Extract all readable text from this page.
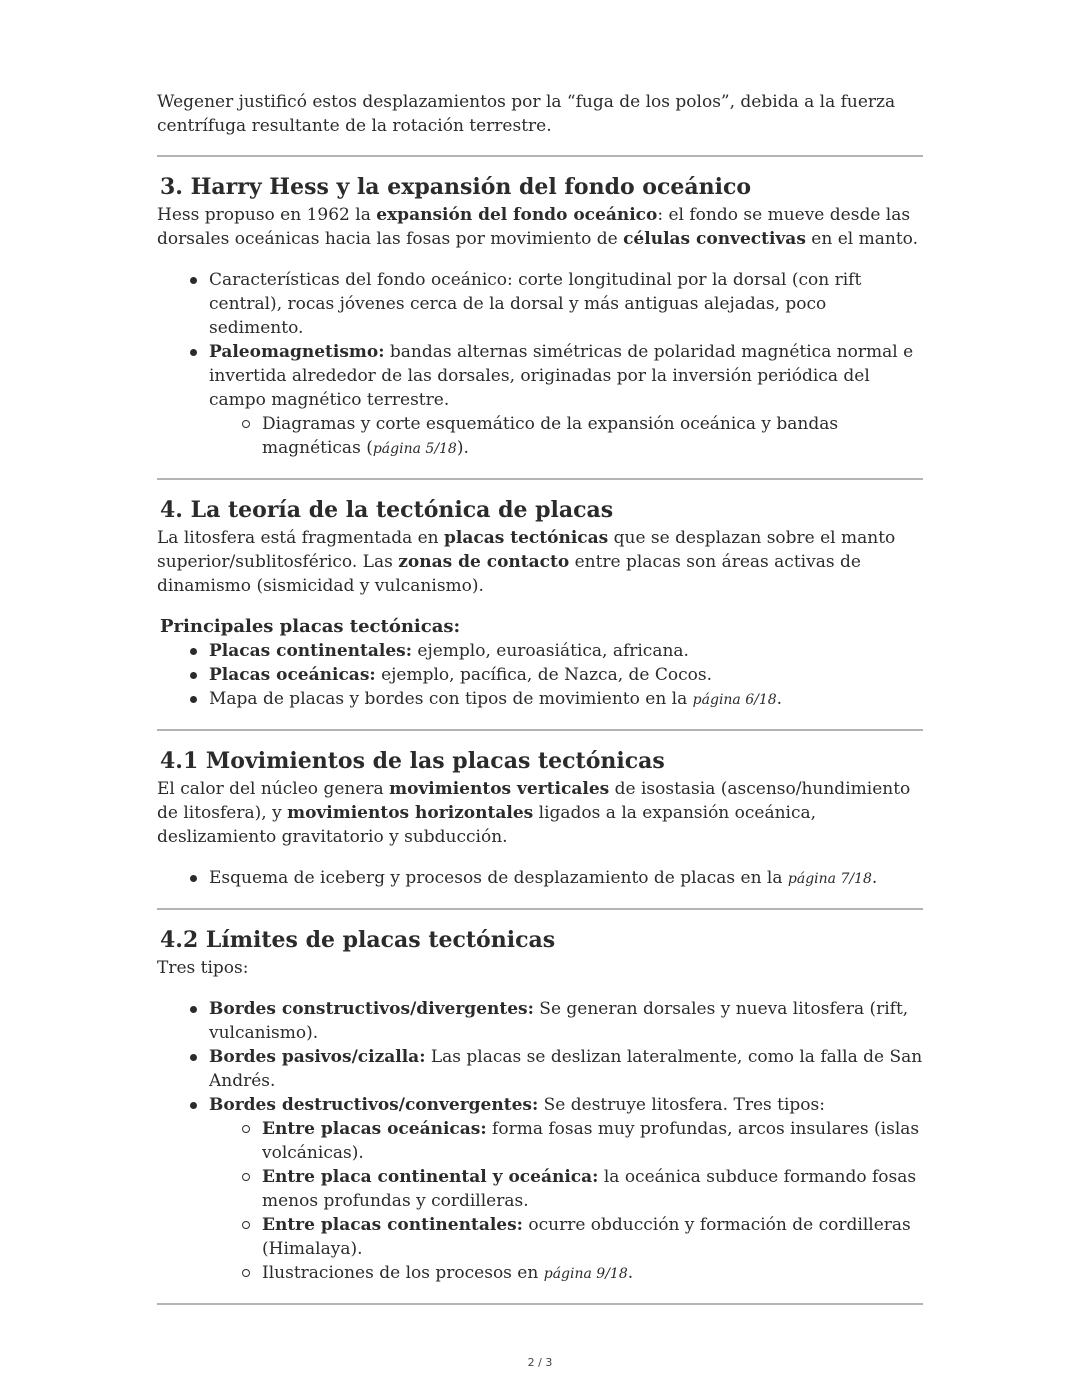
Wegener justificó estos desplazamientos por la “fuga de los polos”, debida a la fuerza centrífuga resultante de la rotación terrestre.

3. Harry Hess y la expansión del fondo oceánico

Hess propuso en 1962 la expansión del fondo oceánico: el fondo se mueve desde las dorsales oceánicas hacia las fosas por movimiento de células convectivas en el manto.

Características del fondo oceánico: corte longitudinal por la dorsal (con rift central), rocas jóvenes cerca de la dorsal y más antiguas alejadas, poco sedimento.
Paleomagnetismo: bandas alternas simétricas de polaridad magnética normal e invertida alrededor de las dorsales, originadas por la inversión periódica del campo magnético terrestre.
Diagramas y corte esquemático de la expansión oceánica y bandas magnéticas (página 5/18).
4. La teoría de la tectónica de placas

La litosfera está fragmentada en placas tectónicas que se desplazan sobre el manto superior/sublitosférico. Las zonas de contacto entre placas son áreas activas de dinamismo (sismicidad y vulcanismo).

Principales placas tectónicas:
Placas continentales: ejemplo, euroasiática, africana.
Placas oceánicas: ejemplo, pacífica, de Nazca, de Cocos.
Mapa de placas y bordes con tipos de movimiento en la página 6/18.
4.1 Movimientos de las placas tectónicas

El calor del núcleo genera movimientos verticales de isostasia (ascenso/hundimiento de litosfera), y movimientos horizontales ligados a la expansión oceánica, deslizamiento gravitatorio y subducción.

Esquema de iceberg y procesos de desplazamiento de placas en la página 7/18.
4.2 Límites de placas tectónicas

Tres tipos:

Bordes constructivos/divergentes: Se generan dorsales y nueva litosfera (rift, vulcanismo).
Bordes pasivos/cizalla: Las placas se deslizan lateralmente, como la falla de San Andrés.
Bordes destructivos/convergentes: Se destruye litosfera. Tres tipos:
Entre placas oceánicas: forma fosas muy profundas, arcos insulares (islas volcánicas).
Entre placa continental y oceánica: la oceánica subduce formando fosas menos profundas y cordilleras.
Entre placas continentales: ocurre obducción y formación de cordilleras (Himalaya).
Ilustraciones de los procesos en página 9/18.
2 / 3
